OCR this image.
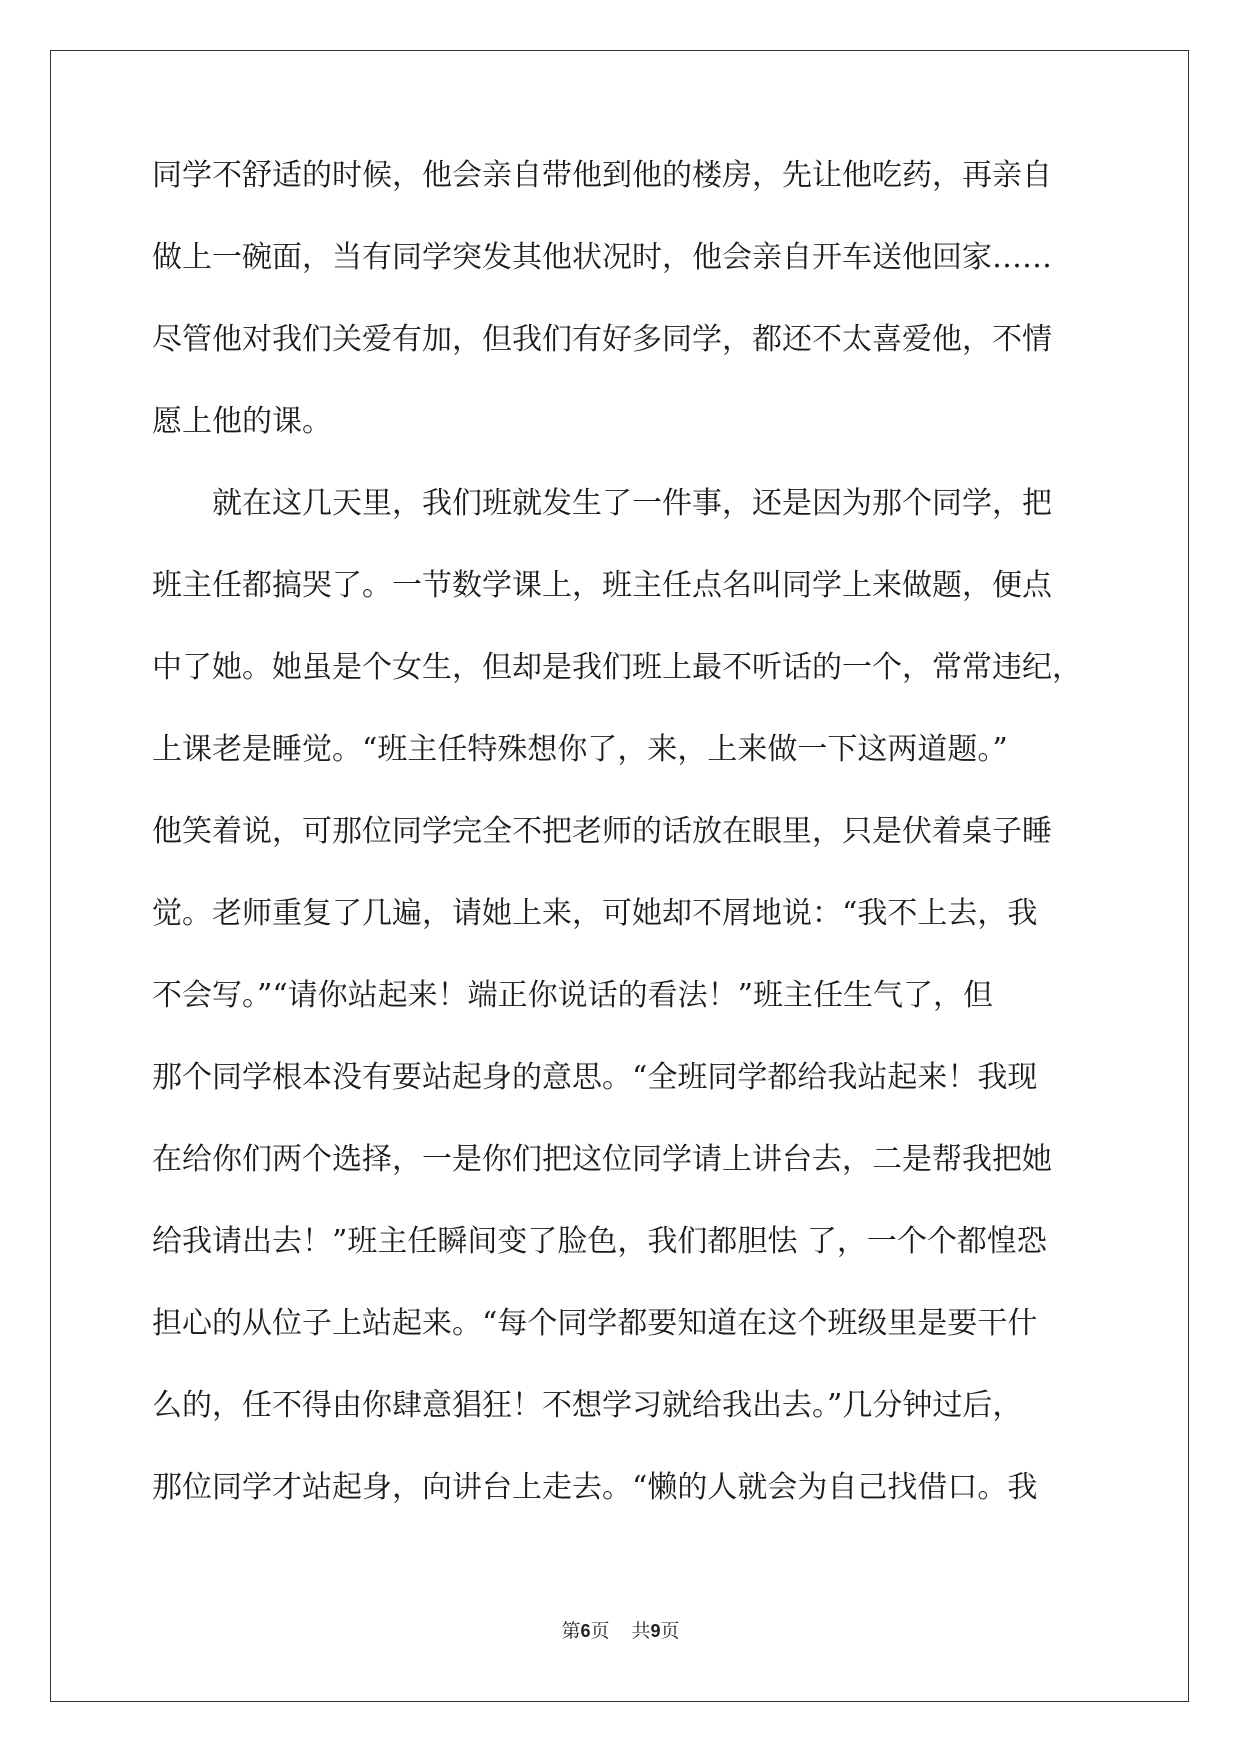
同学不舒适的时候，他会亲自带他到他的楼房，先让他吃药，再亲自
做上一碗面，当有同学突发其他状况时，他会亲自开车送他回家……
尽管他对我们关爱有加，但我们有好多同学，都还不太喜爱他，不情
愿上他的课。
就在这几天里，我们班就发生了一件事，还是因为那个同学，把
班主任都搞哭了。一节数学课上，班主任点名叫同学上来做题，便点
中了她。她虽是个女生，但却是我们班上最不听话的一个，常常违纪，
上课老是睡觉。“班主任特殊想你了，来，上来做一下这两道题。”
他笑着说，可那位同学完全不把老师的话放在眼里，只是伏着桌子睡
觉。老师重复了几遍，请她上来，可她却不屑地说：“我不上去，我
不会写。”“请你站起来！端正你说话的看法！”班主任生气了，但
那个同学根本没有要站起身的意思。“全班同学都给我站起来！我现
在给你们两个选择，一是你们把这位同学请上讲台去，二是帮我把她
给我请出去！”班主任瞬间变了脸色，我们都胆怯 了，一个个都惶恐
担心的从位子上站起来。“每个同学都要知道在这个班级里是要干什
么的，任不得由你肆意猖狂！不想学习就给我出去。”几分钟过后，
那位同学才站起身，向讲台上走去。“懒的人就会为自己找借口。我
第6页 共9页
